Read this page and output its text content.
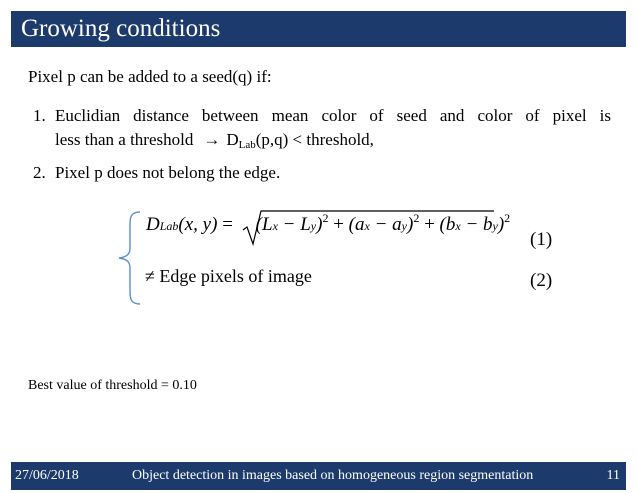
Growing conditions
Pixel p can be added to a seed(q) if:
1. Euclidian distance between mean color of seed and color of pixel is
less than a threshold → $D_{Lab}(p,q)$ < threshold,
2. Pixel p does not belong the edge.
DLab(x, $y) = (Lx - Ly)^2 + (ax - ay)^2 + (bx - by)^2$
(1)
≠ Edge pixels of image	(2)
Best value of threshold = 0.10
27/06/2018	Object detection in images based on homogeneous region segmentation	11
